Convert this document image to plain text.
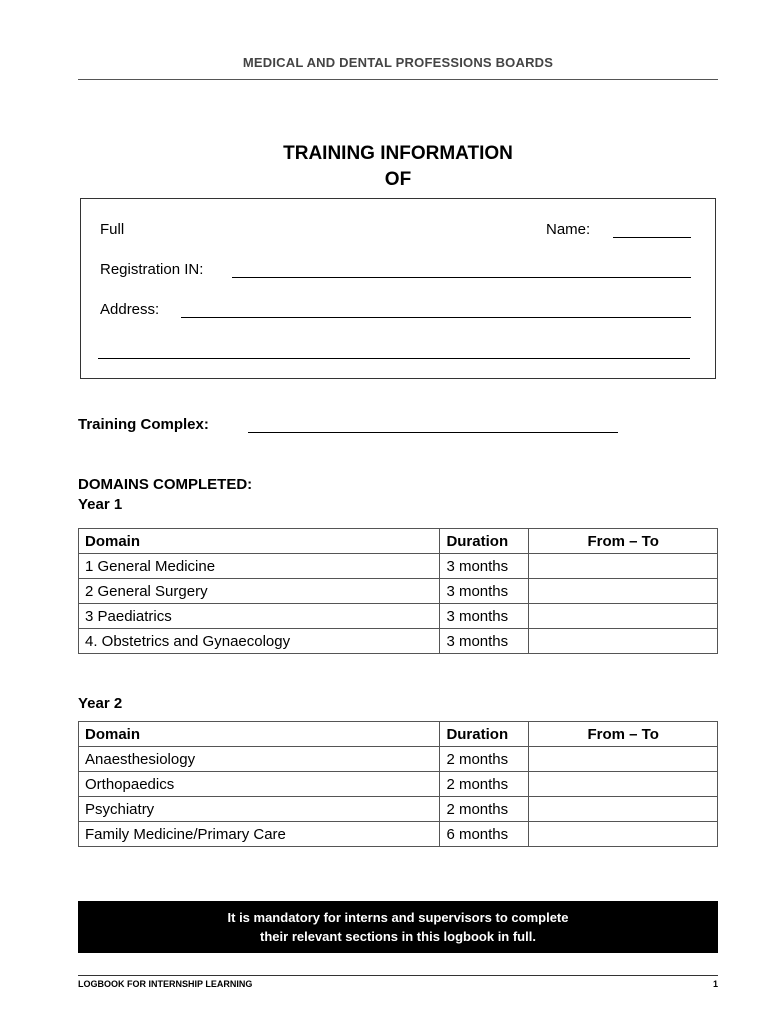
MEDICAL AND DENTAL PROFESSIONS BOARDS
TRAINING INFORMATION
OF
Full	Name:
Registration IN:
Address:
Training Complex:
DOMAINS COMPLETED:
Year 1
Domain	Duration	From – To
1 General Medicine	3 months	
2 General Surgery	3 months	
3 Paediatrics	3 months	
4. Obstetrics and Gynaecology	3 months	
Year 2
Domain	Duration	From – To
Anaesthesiology	2 months	
Orthopaedics	2 months	
Psychiatry	2 months	
Family Medicine/Primary Care	6 months	
It is mandatory for interns and supervisors to complete
their relevant sections in this logbook in full.
LOGBOOK FOR INTERNSHIP LEARNING	1
